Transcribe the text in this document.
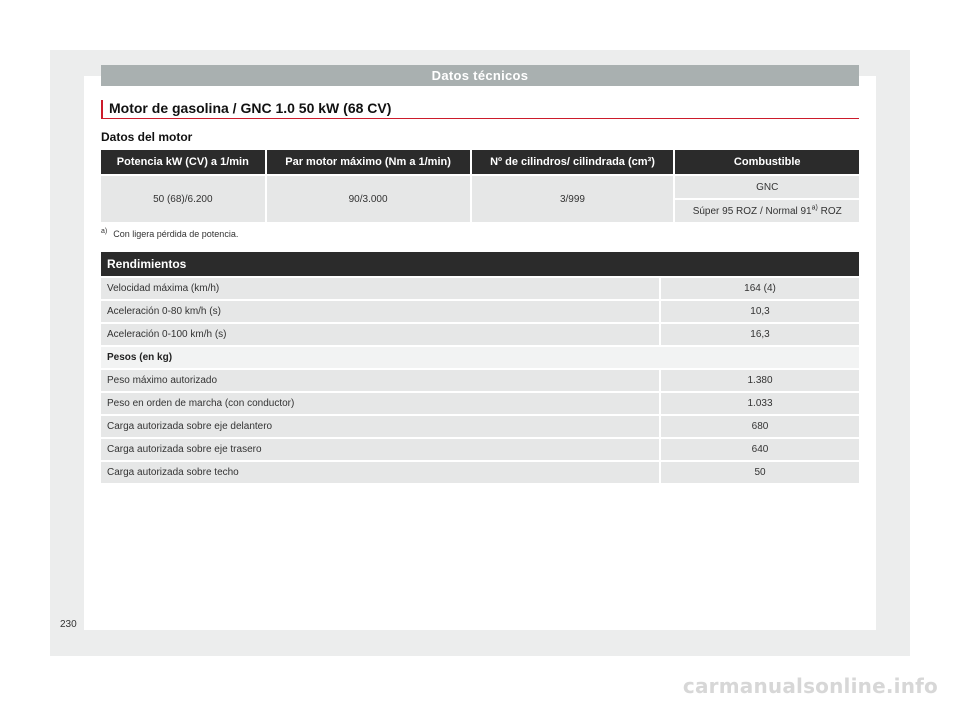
Datos técnicos
Motor de gasolina / GNC 1.0 50 kW (68 CV)
Datos del motor
Potencia kW (CV) a 1/min	Par motor máximo (Nm a 1/min)	Nº de cilindros/ cilindrada (cm³)	Combustible
50 (68)/6.200	90/3.000	3/999	GNC
			Súper 95 ROZ / Normal 91$^{a)}$ ROZ
$^{a)}$ Con ligera pérdida de potencia.
Rendimientos	
Velocidad máxima (km/h)	164 (4)
Aceleración 0-80 km/h (s)	10,3
Aceleración 0-100 km/h (s)	16,3
Pesos (en kg)	
Peso máximo autorizado	1.380
Peso en orden de marcha (con conductor)	1.033
Carga autorizada sobre eje delantero	680
Carga autorizada sobre eje trasero	640
Carga autorizada sobre techo	50
230
carmanualsonline.info
